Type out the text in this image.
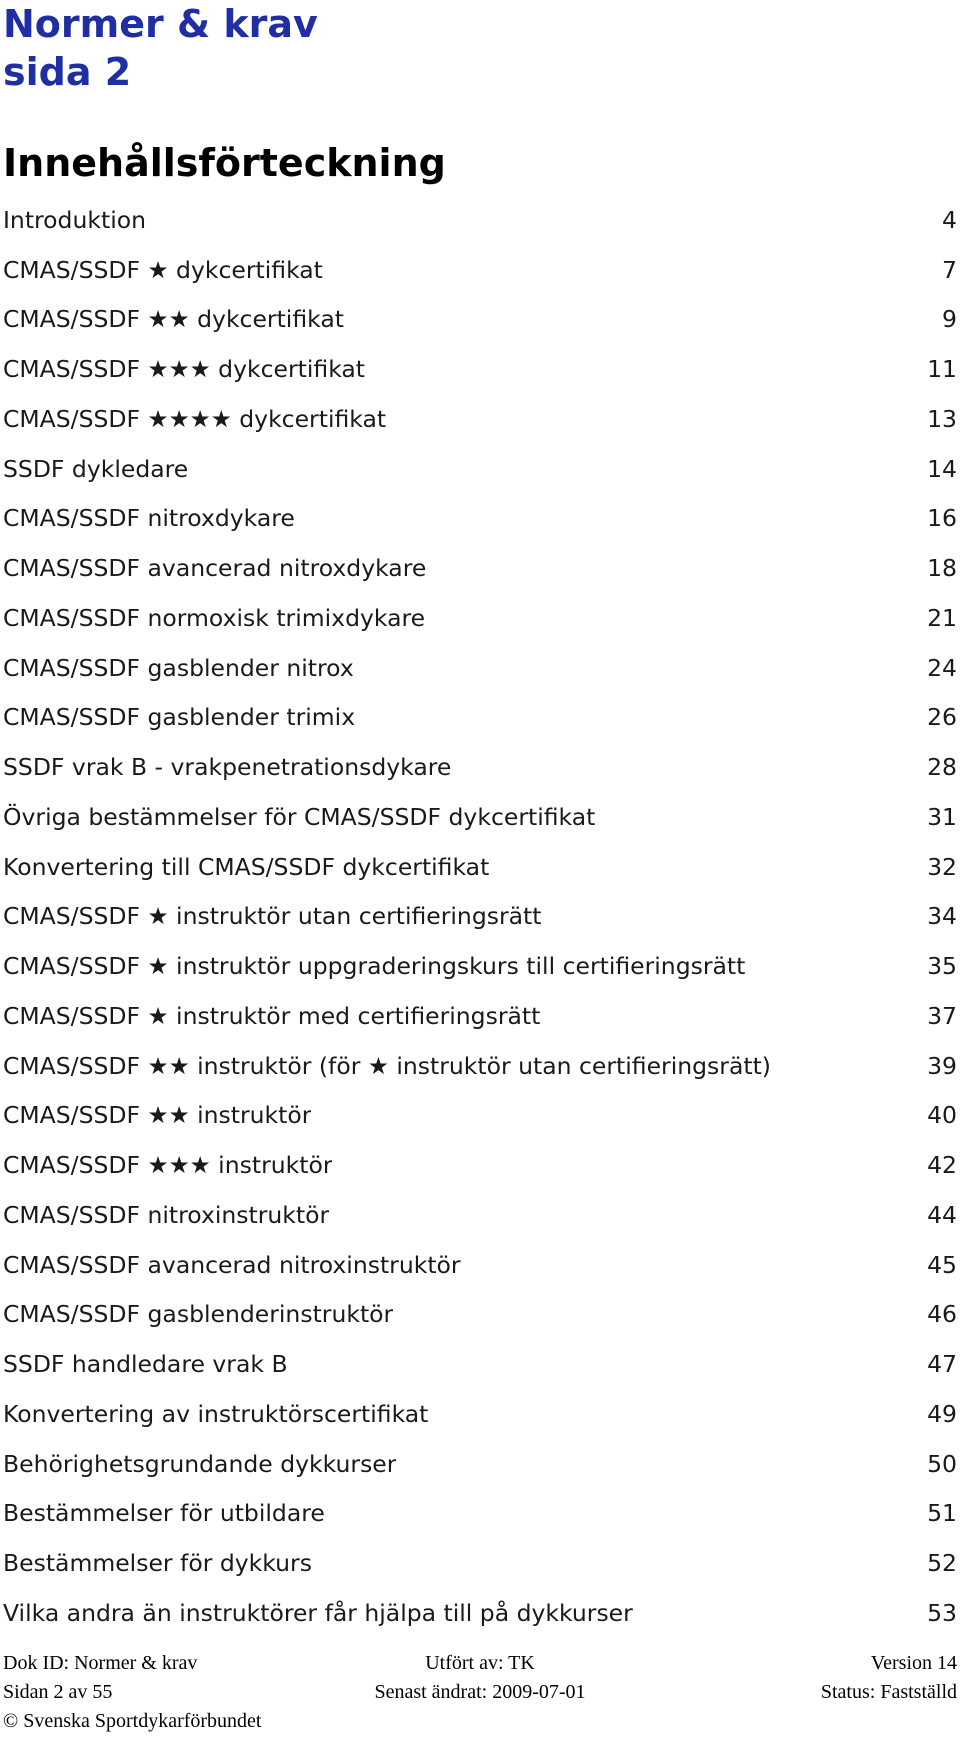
Normer & krav
sida 2
Innehållsförteckning
Introduktion	4
CMAS/SSDF ★ dykcertifikat	7
CMAS/SSDF ★★ dykcertifikat	9
CMAS/SSDF ★★★ dykcertifikat	11
CMAS/SSDF ★★★★ dykcertifikat	13
SSDF dykledare	14
CMAS/SSDF nitroxdykare	16
CMAS/SSDF avancerad nitroxdykare	18
CMAS/SSDF normoxisk trimixdykare	21
CMAS/SSDF gasblender nitrox	24
CMAS/SSDF gasblender trimix	26
SSDF vrak B - vrakpenetrationsdykare	28
Övriga bestämmelser för CMAS/SSDF dykcertifikat	31
Konvertering till CMAS/SSDF dykcertifikat	32
CMAS/SSDF ★ instruktör utan certifieringsrätt	34
CMAS/SSDF ★ instruktör uppgraderingskurs till certifieringsrätt	35
CMAS/SSDF ★ instruktör med certifieringsrätt	37
CMAS/SSDF ★★ instruktör (för ★ instruktör utan certifieringsrätt)	39
CMAS/SSDF ★★ instruktör	40
CMAS/SSDF ★★★ instruktör	42
CMAS/SSDF nitroxinstruktör	44
CMAS/SSDF avancerad nitroxinstruktör	45
CMAS/SSDF gasblenderinstruktör	46
SSDF handledare vrak B	47
Konvertering av instruktörscertifikat	49
Behörighetsgrundande dykkurser	50
Bestämmelser för utbildare	51
Bestämmelser för dykkurs	52
Vilka andra än instruktörer får hjälpa till på dykkurser	53
Dok ID: Normer & krav	Utfört av: TK	Version 14
Sidan 2 av 55	Senast ändrat: 2009-07-01	Status: Fastställd
© Svenska Sportdykarförbundet
